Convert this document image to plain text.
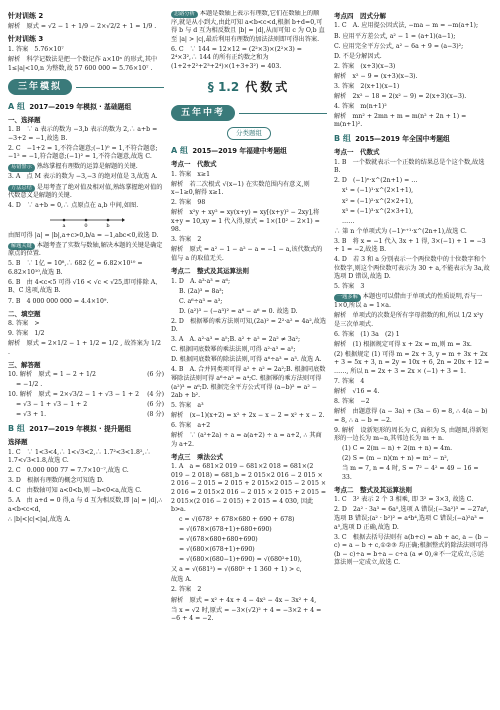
针对训练 2

解析　原式 = √2 − 1 + 1/9 − 2×√2/2 + 1 = 1/9 .

针对训练 3

1. 答案　5.76×10⁷

解析　科学记数法是把一个数记作 a×10ⁿ 的形式,其中 1≤|a|<10,n 为整数,故 57 600 000 = 5.76×10⁷ .

三年模拟
A 组 2017—2019 年模拟 · 基础题组
一、选择题

1. B　∵ a 表示的数为 −3,b 表示的数为 2,∴ a+b = −3+2 = −1,故选 B.

2. C　−1+2 = 1,不符合题意;(−1)⁰ = 1,不符合题意;−1² = −1,符合题意;(−1)² = 1,不符合题意,故选 C.

易错警示 熟练掌握有理数的运算是解题的关键.

3. A　点 M 表示的数为 −3,−3 的绝对值是 3,故选 A.

方法总结 是用考查了绝对值及相对值,熟练掌握绝对值的代数意义是解题的关键.

4. D　∵ a+b = 0,∴ 点原点在 a,b 中间,如图.

a	0	b

由图可得 |a| = |b|,a+c>0,b/a = −1,abc<0,故选 D.

解题关键 本题考查了实数与数轴,解决本题的关键是确定原点的位置.

5. B　∵ 1亿 = 10⁸,∴ 682 亿 = 6.82×10¹⁰ = 6.82×10¹⁰,故选 B.

6. B　由 4<c<5 可得 √16 < √c < √25,即可排除 A、B、C 选项,故选 B.

7. B　4 000 000 000 = 4.4×10⁹.

二、填空题

8. 答案　>

9. 答案　1/2

解析　原式 = 2×1/2 − 1 + 1/2 = 1/2 , 故答案为 1/2 .

三、解答题

10. 解析　原式 = 1 − 2 + 1/2	(6 分)

= −1/2 .

10. 解析　原式 = 2×√3/2 − 1 + √3 − 1 + 2 (4 分)

= √3 − 1 + √3 − 1 + 2	(6 分)

= √3 + 1.	(8 分)

B 组 2017—2019 年模拟 · 提升题组
选择题

1. C　∵ 1<3<4,∴ 1<√3<2,∴ 1.7²<3<1.8²,∴ 1.7<√3<1.8,故选 C.

2. C　0.000 000 77 = 7.7×10⁻⁷,故选 C.

3. D　根据有理数的概念可知选 D.

4. C　由数轴可知 a<0<b,则 −b<0<a,故选 C.

5. A　由 a+d = 0 得,a 与 d 互为相反数,即 |a| = |d|,∴ a<b<c<d,

∴ |b|<|c|<|a|,故选 A.

思路分析 本题是数轴上表示有理数,它们在数轴上的顺序,就是从小到大,由此可知 a<b<c<d,根据 b+d=0,可得 b 与 d 互为相反数且 |b| = |d|,从而可知 c 为 O,b 直至 |a| > |c|,最后利用有理数的加法法则即可得出答案.

6. C　∵ 144 = 12×12 = (2²×3)×(2²×3) = 2⁴×3²,∴ 144 的所有正约数之和为 (1+2+2²+2³+2⁴)×(1+3+3²) = 403.

§ 1.2 代数式
五年中考
分类题组
A 组 2015—2019 年福建中考题组
考点一　代数式

1. 答案　x≥1

解析　若二次根式 √(x−1) 在实数范围内有意义,则 x−1≥0,解得 x≥1.

2. 答案　98

解析　x²y + xy² = xy(x+y) = xy[(x+y)² − 2xy],将 x+y = 10,xy = 1 代入得,原式 = 1×(10² − 2×1) = 98.

3. 答案　2

解析　原式 = a² − 1 − a² − a = −1 − a,该代数式的值与 a 的取值无关.

考点二　整式及其运算法则

1. D　A. a³·a³ = a⁶;

B. (2a)³ = 8a³;

C. a⁶÷a³ = a³;

D. (a²)³ − (−a³)² = a⁶ − a⁶ = 0. 故选 D.

2. D　根据幂的乘方法则可知,(2a)² = 2²·a² = 4a²,故选 D.

3. A　A. a²·a³ = a⁵;B. a² + a² = 2a² ≠ 3a²;

C. 根据同底数幂的乘法法则,可得 a²·a³ = a⁵;

D. 根据同底数幂的除法法则,可得 a⁶÷a³ = a³. 故选 A.

4. B　A. 合并同类项可得 a² + a² = 2a²;B. 根据同底数幂除法法则可得 a⁶÷a² = a⁴;C. 根据幂的乘方法则可得 (a²)³ = a⁶;D. 根据完全平方公式可得 (a−b)² = a² − 2ab + b².

5. 答案　a³

解析　(x−1)(x+2) = x² + 2x − x − 2 = x² + x − 2.

6. 答案　a+2

解析　∵ (a²+2a) ÷ a = a(a+2) ÷ a = a+2, ∴ 其商为 a+2.

考点三　乘法公式

1. A　a = 681×2 019 − 681×2 018 = 681×(2 019 − 2 018) = 681,b = 2 015×2 016 − 2 015 × 2 016 − 2 015 = 2 015 + 2 015×2 015 − 2 015 × 2 016 = 2 015×2 016 − 2 015 × 2 015 + 2 015 = 2 015×(2 016 − 2 015) + 2 015 = 4 030, 因此 b>a.

c = √(678² + 678×680 + 690 + 678)

= √(678×(678+1)+680+690)

= √(678×680+680+690)

= √(680×(678+1)+690)

= √(680×(680−1)+690) = √(680²+10),

又 a = √(681²) = √(680² + 1 360 + 1) > c,

故选 A.

2. 答案　2

解析　原式 = x² + 4x + 4 − 4x² − 4x − 3x² + 4,

当 x = √2 时,原式 = −3×(√2)² + 4 = −3×2 + 4 = −6 + 4 = −2.

考点四　因式分解

1. C　A. 应用提公因式法, −ma − m = −m(a+1);

B. 应用平方差公式, a² − 1 = (a+1)(a−1);

C. 应用完全平方公式, a² − 6a + 9 = (a−3)²;

D. 不是分解因式.

2. 答案　(x+3)(x−3)

解析　x² − 9 = (x+3)(x−3).

3. 答案　2(x+1)(x−1)

解析　2x² − 18 = 2(x² − 9) = 2(x+3)(x−3).

4. 答案　m(n+1)²

解析　mn² + 2mn + m = m(n² + 2n + 1) = m(n+1)².

B 组 2015—2019 年全国中考题组
考点一　代数式

1. B　一个数就表示一个正数的结果总是个这个数,故选 B.

2. D　(−1)ⁿ·x^(2n+1) = …

x¹ = (−1)¹·x^(2×1+1),

x² = (−1)²·x^(2×2+1),

x³ = (−1)³·x^(2×3+1),

……

∴ 第 n 个单项式为 (−1)ⁿ⁺¹·x^(2n+1),故选 C.

3. B　将 x = −1 代入 3x + 1 得, 3×(−1) + 1 = −3 + 1 = −2,故选 B.

4. D　若 3 和 a 分别表示一个两位数中的十位数字和个位数字,则这个两位数可表示为 30 + a,不能表示为 3a,故选项 D 错误,故选 D.

5. 答案　3

一题多解 本题也可以借由于单项式的性质说明,否与一1×0,所以 a = 1×a.

解析　单项式的次数是所有字母指数的和,所以 1/2 x²y 是三次单项式.

6. 答案　(1) 3a　(2) 1

解析　(1) 根据规定可得 x + 2x = m,则 m = 3x.

(2) 根据规定 (1) 可得 m = 2x + 3, y = m + 3x + 2x + 3 = 5x + 3, n = 2y = 10x + 6, 2n = 20x + 12 = ……, 所以 n = 2x + 3 = 2x × (−1) + 3 = 1.

7. 答案　4

解析　√16 = 4.

8. 答案　−2

解析　由题意得 (a − 3a) + (3a − 6) = 8, ∴ 4(a − b) = 8, ∴ a − b = −2.

9. 解析　设新矩形的周长为 C, 面积为 S, 由题图,得新矩形的一边长为 m−n,其邻边长为 m + n.

(1) C = 2(m − n) + 2(m + n) = 4m.

(2) S = (m − n)(m + n) = m² − n²,

当 m = 7, n = 4 时, S = 7² − 4² = 49 − 16 = 33.

考点二　整式及其运算法则

1. C　3² 表示 2 个 3 相乘, 即 3² = 3×3, 故选 C.

2. D　2a² · 3a³ = 6a⁵,选项 A 错误;(−3a²)³ = −27a⁶,选项 B 错误;(a² · b²)² = a⁴b⁴,选项 C 错误;(−a)²a³ = a⁵,选项 D 正确,故选 D.

3. C　根据去括号法则有 a(b+c) = ab + ac, a − (b − c) = a − b + c,①②③ 均正确;根据整式的除法法则可得 (b − c)÷a = b÷a − c÷a (a ≠ 0),④不一定成立,⑤运算法则一定成立,故选 C.
